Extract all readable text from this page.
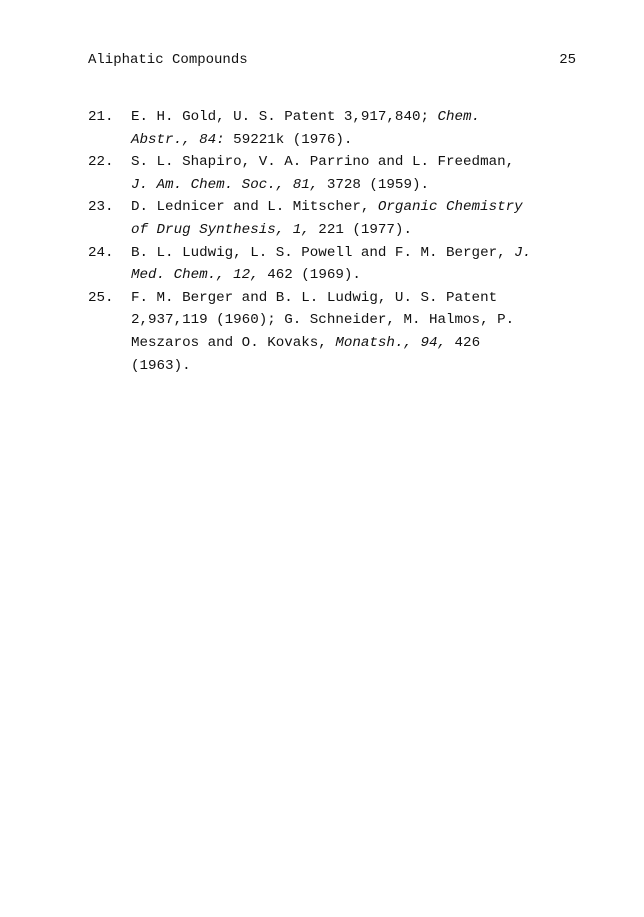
Aliphatic Compounds	25
21.	E. H. Gold, U. S. Patent 3,917,840; Chem.
Abstr., 84: 59221k (1976).
22.	S. L. Shapiro, V. A. Parrino and L. Freedman,
J. Am. Chem. Soc., 81, 3728 (1959).
23.	D. Lednicer and L. Mitscher, Organic Chemistry
of Drug Synthesis, 1, 221 (1977).
24.	B. L. Ludwig, L. S. Powell and F. M. Berger, J.
Med. Chem., 12, 462 (1969).
25.	F. M. Berger and B. L. Ludwig, U. S. Patent
2,937,119 (1960); G. Schneider, M. Halmos, P.
Meszaros and O. Kovaks, Monatsh., 94, 426
(1963).
